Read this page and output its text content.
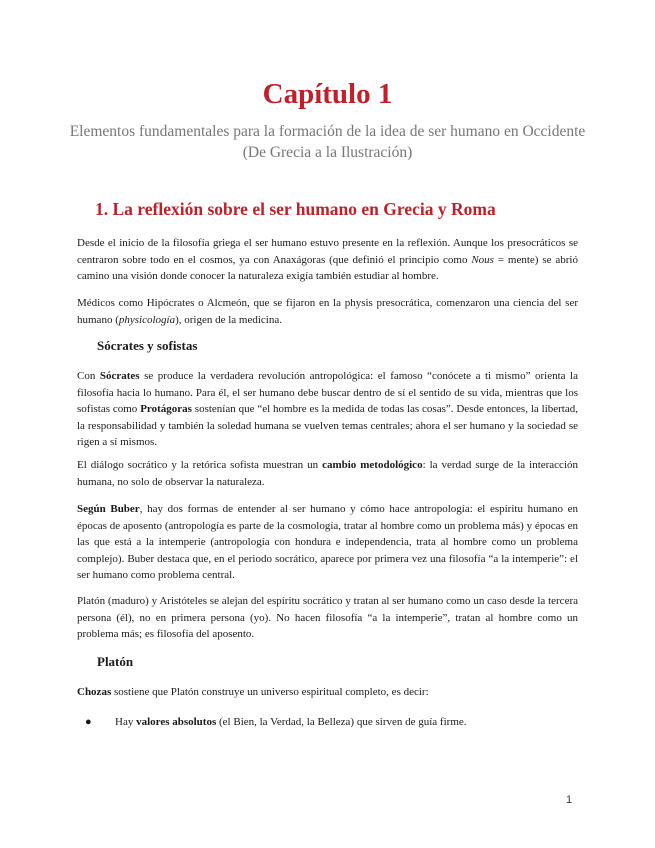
Capítulo 1

Elementos fundamentales para la formación de la idea de ser humano en Occidente (De Grecia a la Ilustración)

1. La reflexión sobre el ser humano en Grecia y Roma

Desde el inicio de la filosofía griega el ser humano estuvo presente en la reflexión. Aunque los presocráticos se centraron sobre todo en el cosmos, ya con Anaxágoras (que definió el principio como Nous = mente) se abrió camino una visión donde conocer la naturaleza exigía también estudiar al hombre.

Médicos como Hipócrates o Alcmeón, que se fijaron en la physis presocrática, comenzaron una ciencia del ser humano (physicología), origen de la medicina.

Sócrates y sofistas

Con Sócrates se produce la verdadera revolución antropológica: el famoso “conócete a ti mismo” orienta la filosofía hacia lo humano. Para él, el ser humano debe buscar dentro de sí el sentido de su vida, mientras que los sofistas como Protágoras sostenían que “el hombre es la medida de todas las cosas”. Desde entonces, la libertad, la responsabilidad y también la soledad humana se vuelven temas centrales; ahora el ser humano y la sociedad se rigen a sí mismos.

El diálogo socrático y la retórica sofista muestran un cambio metodológico: la verdad surge de la interacción humana, no solo de observar la naturaleza.

Según Buber, hay dos formas de entender al ser humano y cómo hace antropología: el espíritu humano en épocas de aposento (antropología es parte de la cosmología, tratar al hombre como un problema más) y épocas en las que está a la intemperie (antropología con hondura e independencia, trata al hombre como un problema complejo). Buber destaca que, en el periodo socrático, aparece por primera vez una filosofía “a la intemperie”: el ser humano como problema central.

Platón (maduro) y Aristóteles se alejan del espíritu socrático y tratan al ser humano como un caso desde la tercera persona (él), no en primera persona (yo). No hacen filosofía “a la intemperie”, tratan al hombre como un problema más; es filosofía del aposento.

Platón

Chozas sostiene que Platón construye un universo espiritual completo, es decir:

● Hay valores absolutos (el Bien, la Verdad, la Belleza) que sirven de guía firme.

1
